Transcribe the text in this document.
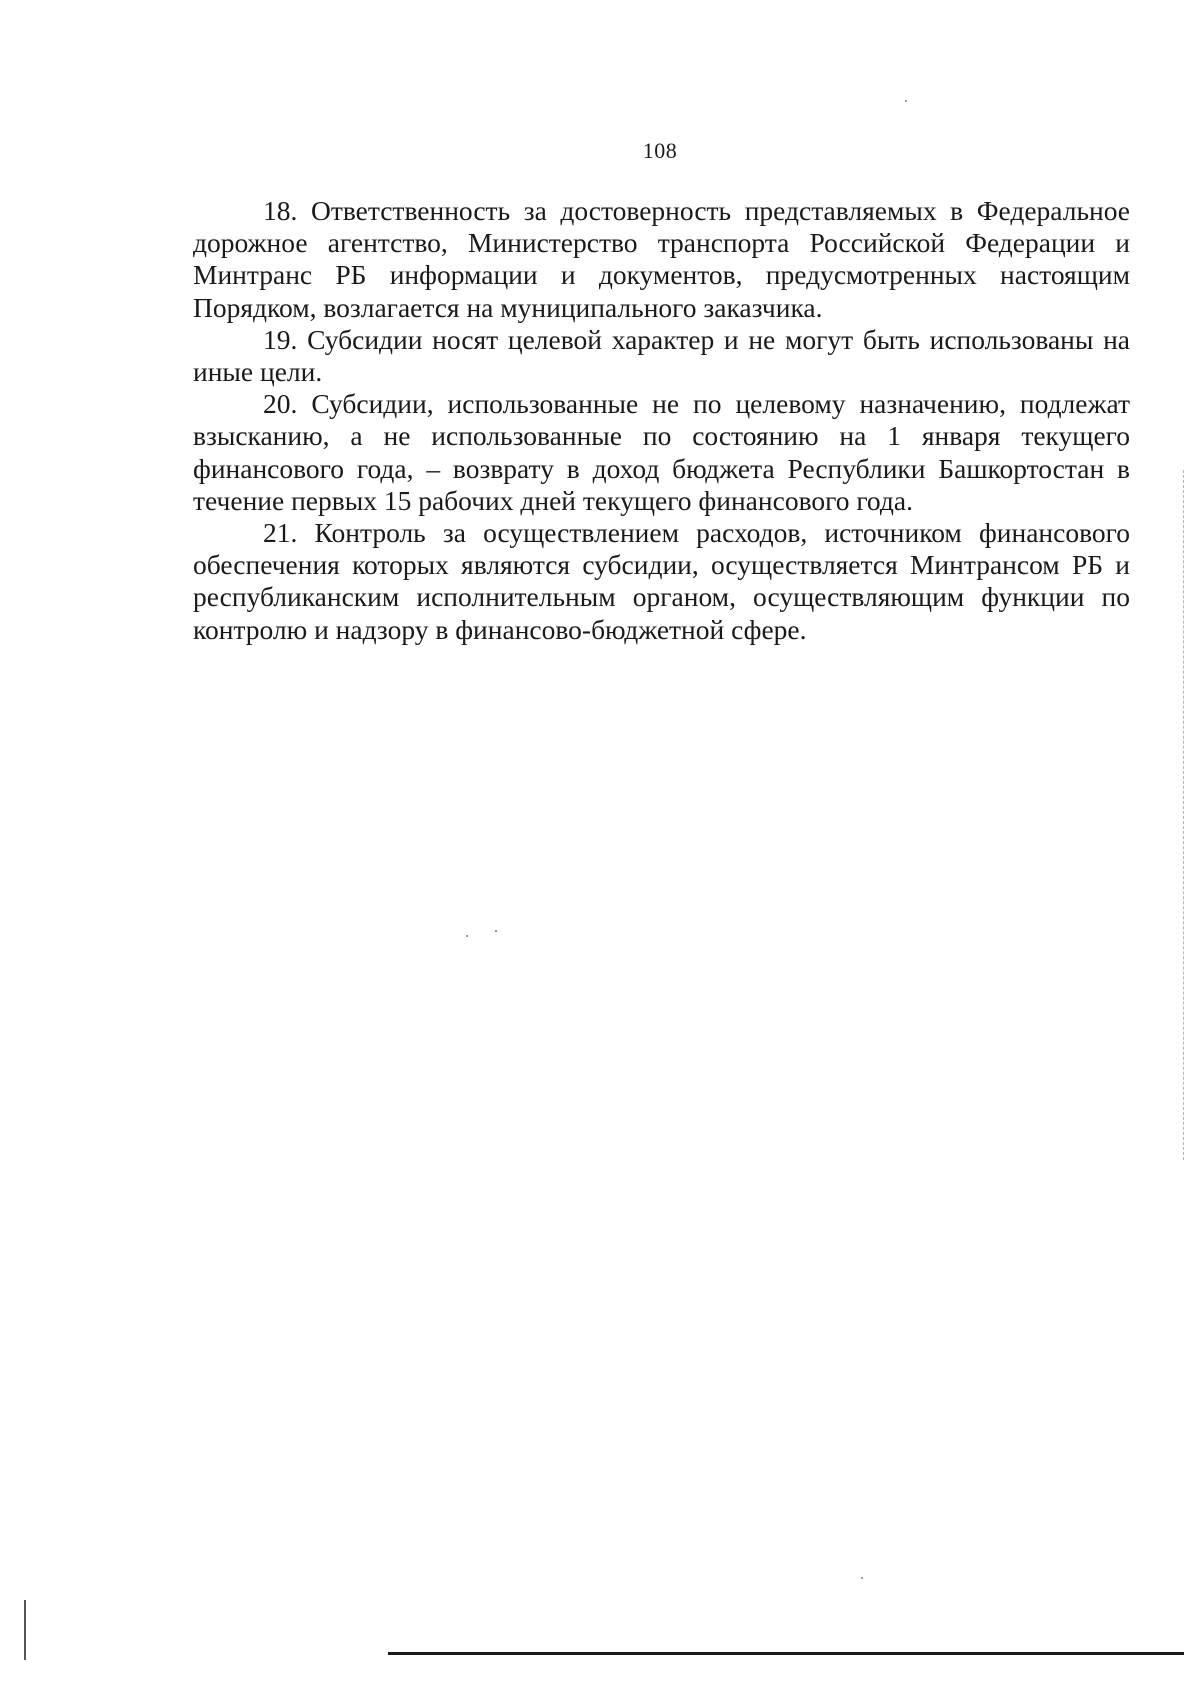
108

18. Ответственность за достоверность представляемых в Федеральное дорожное агентство, Министерство транспорта Российской Федерации и Минтранс РБ информации и документов, предусмотренных настоящим Порядком, возлагается на муниципального заказчика.

19. Субсидии носят целевой характер и не могут быть использованы на иные цели.

20. Субсидии, использованные не по целевому назначению, подлежат взысканию, а не использованные по состоянию на 1 января текущего финансового года, – возврату в доход бюджета Республики Башкортостан в течение первых 15 рабочих дней текущего финансового года.

21. Контроль за осуществлением расходов, источником финансового обеспечения которых являются субсидии, осуществляется Минтрансом РБ и республиканским исполнительным органом, осуществляющим функции по контролю и надзору в финансово-бюджетной сфере.
